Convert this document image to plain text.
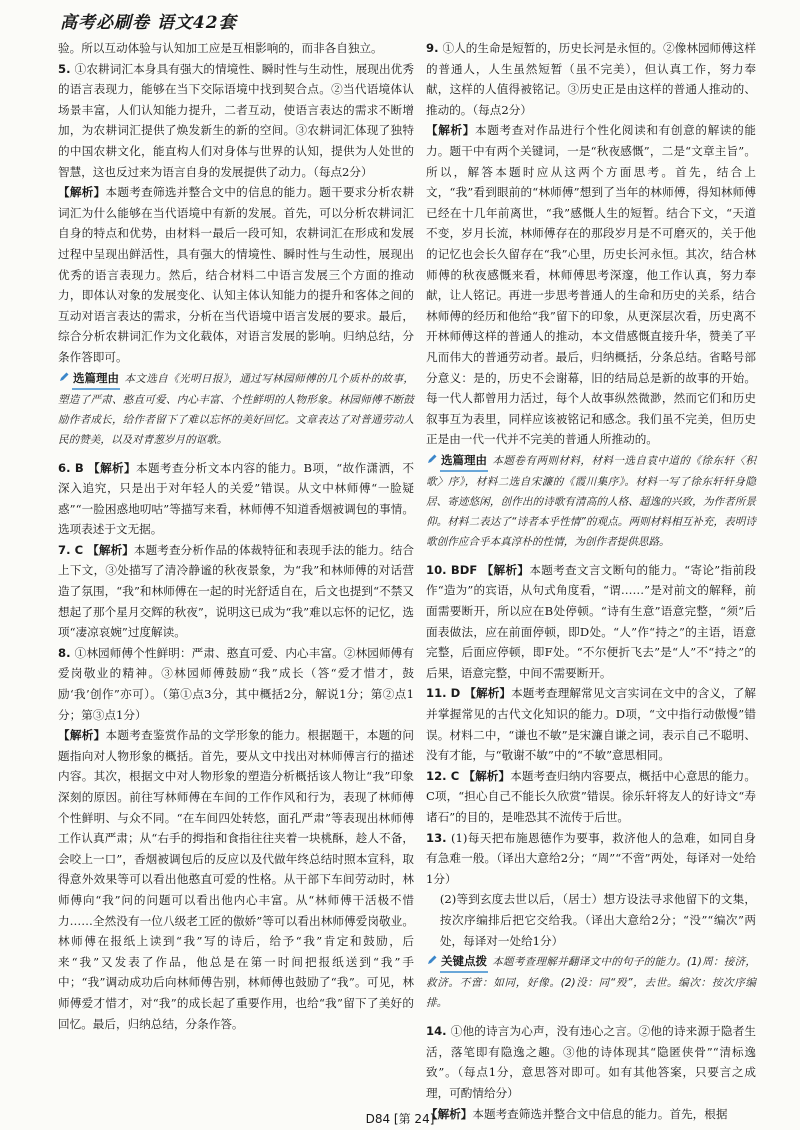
高考必刷卷 语文42套

验。所以互动体验与认知加工应是互相影响的，而非各自独立。

5. ①农耕词汇本身具有强大的情境性、瞬时性与生动性，展现出优秀的语言表现力，能够在当下交际语境中找到契合点。②当代语境体认场景丰富，人们认知能力提升，二者互动，使语言表达的需求不断增加，为农耕词汇提供了焕发新生的新的空间。③农耕词汇体现了独特的中国农耕文化，能直构人们对身体与世界的认知，提供为人处世的智慧，这也反过来为语言自身的发展提供了动力。（每点2分）

【解析】本题考查筛选并整合文中的信息的能力。题干要求分析农耕词汇为什么能够在当代语境中有新的发展。首先，可以分析农耕词汇自身的特点和优势，由材料一最后一段可知，农耕词汇在形成和发展过程中呈现出鲜活性，具有强大的情境性、瞬时性与生动性，展现出优秀的语言表现力。然后，结合材料二中语言发展三个方面的推动力，即体认对象的发展变化、认知主体认知能力的提升和客体之间的互动对语言表达的需求，分析在当代语境中语言发展的要求。最后，综合分析农耕词汇作为文化载体，对语言发展的影响。归纳总结，分条作答即可。

选篇理由 本文选自《光明日报》，通过写林园师傅的几个质朴的故事，塑造了严肃、憨直可爱、内心丰富、个性鲜明的人物形象。林园师傅不断鼓励作者成长，给作者留下了难以忘怀的美好回忆。文章表达了对普通劳动人民的赞美，以及对青葱岁月的讴歌。

6. B 【解析】本题考查分析文本内容的能力。B项，“故作潇洒，不深入追究，只是出于对年轻人的关爱”错误。从文中林师傅“一脸疑惑”“一脸困惑地叨咕”等描写来看，林师傅不知道香烟被调包的事情。选项表述于文无据。

7. C 【解析】本题考查分析作品的体裁特征和表现手法的能力。结合上下文，③处描写了清冷静谧的秋夜景象，为“我”和林师傅的对话营造了氛围，“我”和林师傅在一起的时光舒适自在，后文也提到“不禁又想起了那个星月交辉的秋夜”，说明这已成为“我”难以忘怀的记忆，选项“凄凉哀婉”过度解读。

8. ①林园师傅个性鲜明：严肃、憨直可爱、内心丰富。②林园师傅有爱岗敬业的精神。③林园师傅鼓励“我”成长（答“爱才惜才，鼓励‘我’创作”亦可）。（第①点3分，其中概括2分，解说1分；第②点1分；第③点1分）

【解析】本题考查鉴赏作品的文学形象的能力。根据题干，本题的问题指向对人物形象的概括。首先，要从文中找出对林师傅言行的描述内容。其次，根据文中对人物形象的塑造分析概括该人物让“我”印象深刻的原因。前往写林师傅在车间的工作作风和行为，表现了林师傅个性鲜明、与众不同。“在车间四处转悠，面孔严肃”等表现出林师傅工作认真严肃；从“右手的拇指和食指往往夹着一块桃酥，趁人不备，会咬上一口”，香烟被调包后的反应以及代做年终总结时照本宣科，取得意外效果等可以看出他憨直可爱的性格。从干部下车间劳动时，林师傅向“我”问的问题可以看出他内心丰富。从“林师傅干活极不惜力……全然没有一位八级老工匠的傲娇”等可以看出林师傅爱岗敬业。林师傅在报纸上读到“我”写的诗后，给予“我”肯定和鼓励，后来“我”又发表了作品，他总是在第一时间把报纸送到“我”手中；“我”调动成功后向林师傅告别，林师傅也鼓励了“我”。可见，林师傅爱才惜才，对“我”的成长起了重要作用，也给“我”留下了美好的回忆。最后，归纳总结，分条作答。

9. ①人的生命是短暂的，历史长河是永恒的。②像林园师傅这样的普通人，人生虽然短暂（虽不完美），但认真工作，努力奉献，这样的人值得被铭记。③历史正是由这样的普通人推动的、推动的。（每点2分）

【解析】本题考查对作品进行个性化阅读和有创意的解读的能力。题干中有两个关键词，一是“秋夜感慨”，二是“文章主旨”。所以，解答本题时应从这两个方面思考。首先，结合上文，“我”看到眼前的“林师傅”想到了当年的林师傅，得知林师傅已经在十几年前离世，“我”感慨人生的短暂。结合下文，“天道不变，岁月长流，林师傅存在的那段岁月是不可磨灭的，关于他的记忆也会长久留存在“我”心里，历史长河永恒。其次，结合林师傅的秋夜感慨来看，林师傅思考深邃，他工作认真，努力奉献，让人铭记。再进一步思考普通人的生命和历史的关系，结合林师傅的经历和他给“我”留下的印象，从更深层次看，历史离不开林师傅这样的普通人的推动，本文借感慨直接升华，赞美了平凡而伟大的普通劳动者。最后，归纳概括，分条总结。省略号部分意义：是的，历史不会谢幕，旧的结局总是新的故事的开始。每一代人都曾用力活过，每个人故事纵然微渺，然而它们和历史叙事互为表里，同样应该被铭记和感念。我们虽不完美，但历史正是由一代一代并不完美的普通人所推动的。

选篇理由 本题卷有两则材料，材料一选自袁中道的《徐东轩〈积歌〉序》，材料二选自宋濂的《霞川集序》。材料一写了徐东轩轩身隐居、寄迹悠闲，创作出的诗歌有清高的人格、超逸的兴致，为作者所景仰。材料二表达了“诗者本乎性情”的观点。两则材料相互补充，表明诗歌创作应合乎本真淳朴的性情，为创作者提供思路。

10. BDF 【解析】本题考查文言文断句的能力。“寄论”指前段作“造为”的宾语，从句式角度看，“谓……”是对前文的解释，前面需要断开，所以应在B处停顿。“诗有生意”语意完整，“须”后面表做法，应在前面停顿，即D处。“人”作“持之”的主语，语意完整，后面应停顿，即F处。“不尔便折飞去”是“人”不“持之”的后果，语意完整，中间不需要断开。

11. D 【解析】本题考查理解常见文言实词在文中的含义，了解并掌握常见的古代文化知识的能力。D项，“文中指行动傲慢”错误。材料二中，“谦也不敏”是宋濂自谦之词，表示自己不聪明、没有才能，与“敬谢不敏”中的“不敏”意思相同。

12. C 【解析】本题考查归纳内容要点，概括中心意思的能力。C项，“担心自己不能长久欣赏”错误。徐乐轩将友人的好诗文“寿诸石”的目的，是唯恐其不流传于后世。

13. (1)每天把布施恩德作为要事，救济他人的急难，如同自身有急难一般。（译出大意给2分；“周”“不啻”两处，每译对一处给1分）

(2)等到玄度去世以后，（居士）想方设法寻求他留下的文集，按次序编排后把它交给我。（译出大意给2分；“没”“编次”两处，每译对一处给1分）

关键点拨 本题考查理解并翻译文中的句子的能力。(1)周：接济，救济。不啻：如同，好像。(2)没：同“殁”，去世。编次：按次序编排。

14. ①他的诗言为心声，没有违心之言。②他的诗来源于隐者生活，落笔即有隐逸之趣。③他的诗体现其“隐匿侠骨”“清标逸致”。（每点1分，意思答对即可。如有其他答案，只要言之成理，可酌情给分）

【解析】本题考查筛选并整合文中信息的能力。首先，根据

D84 [第 24]
